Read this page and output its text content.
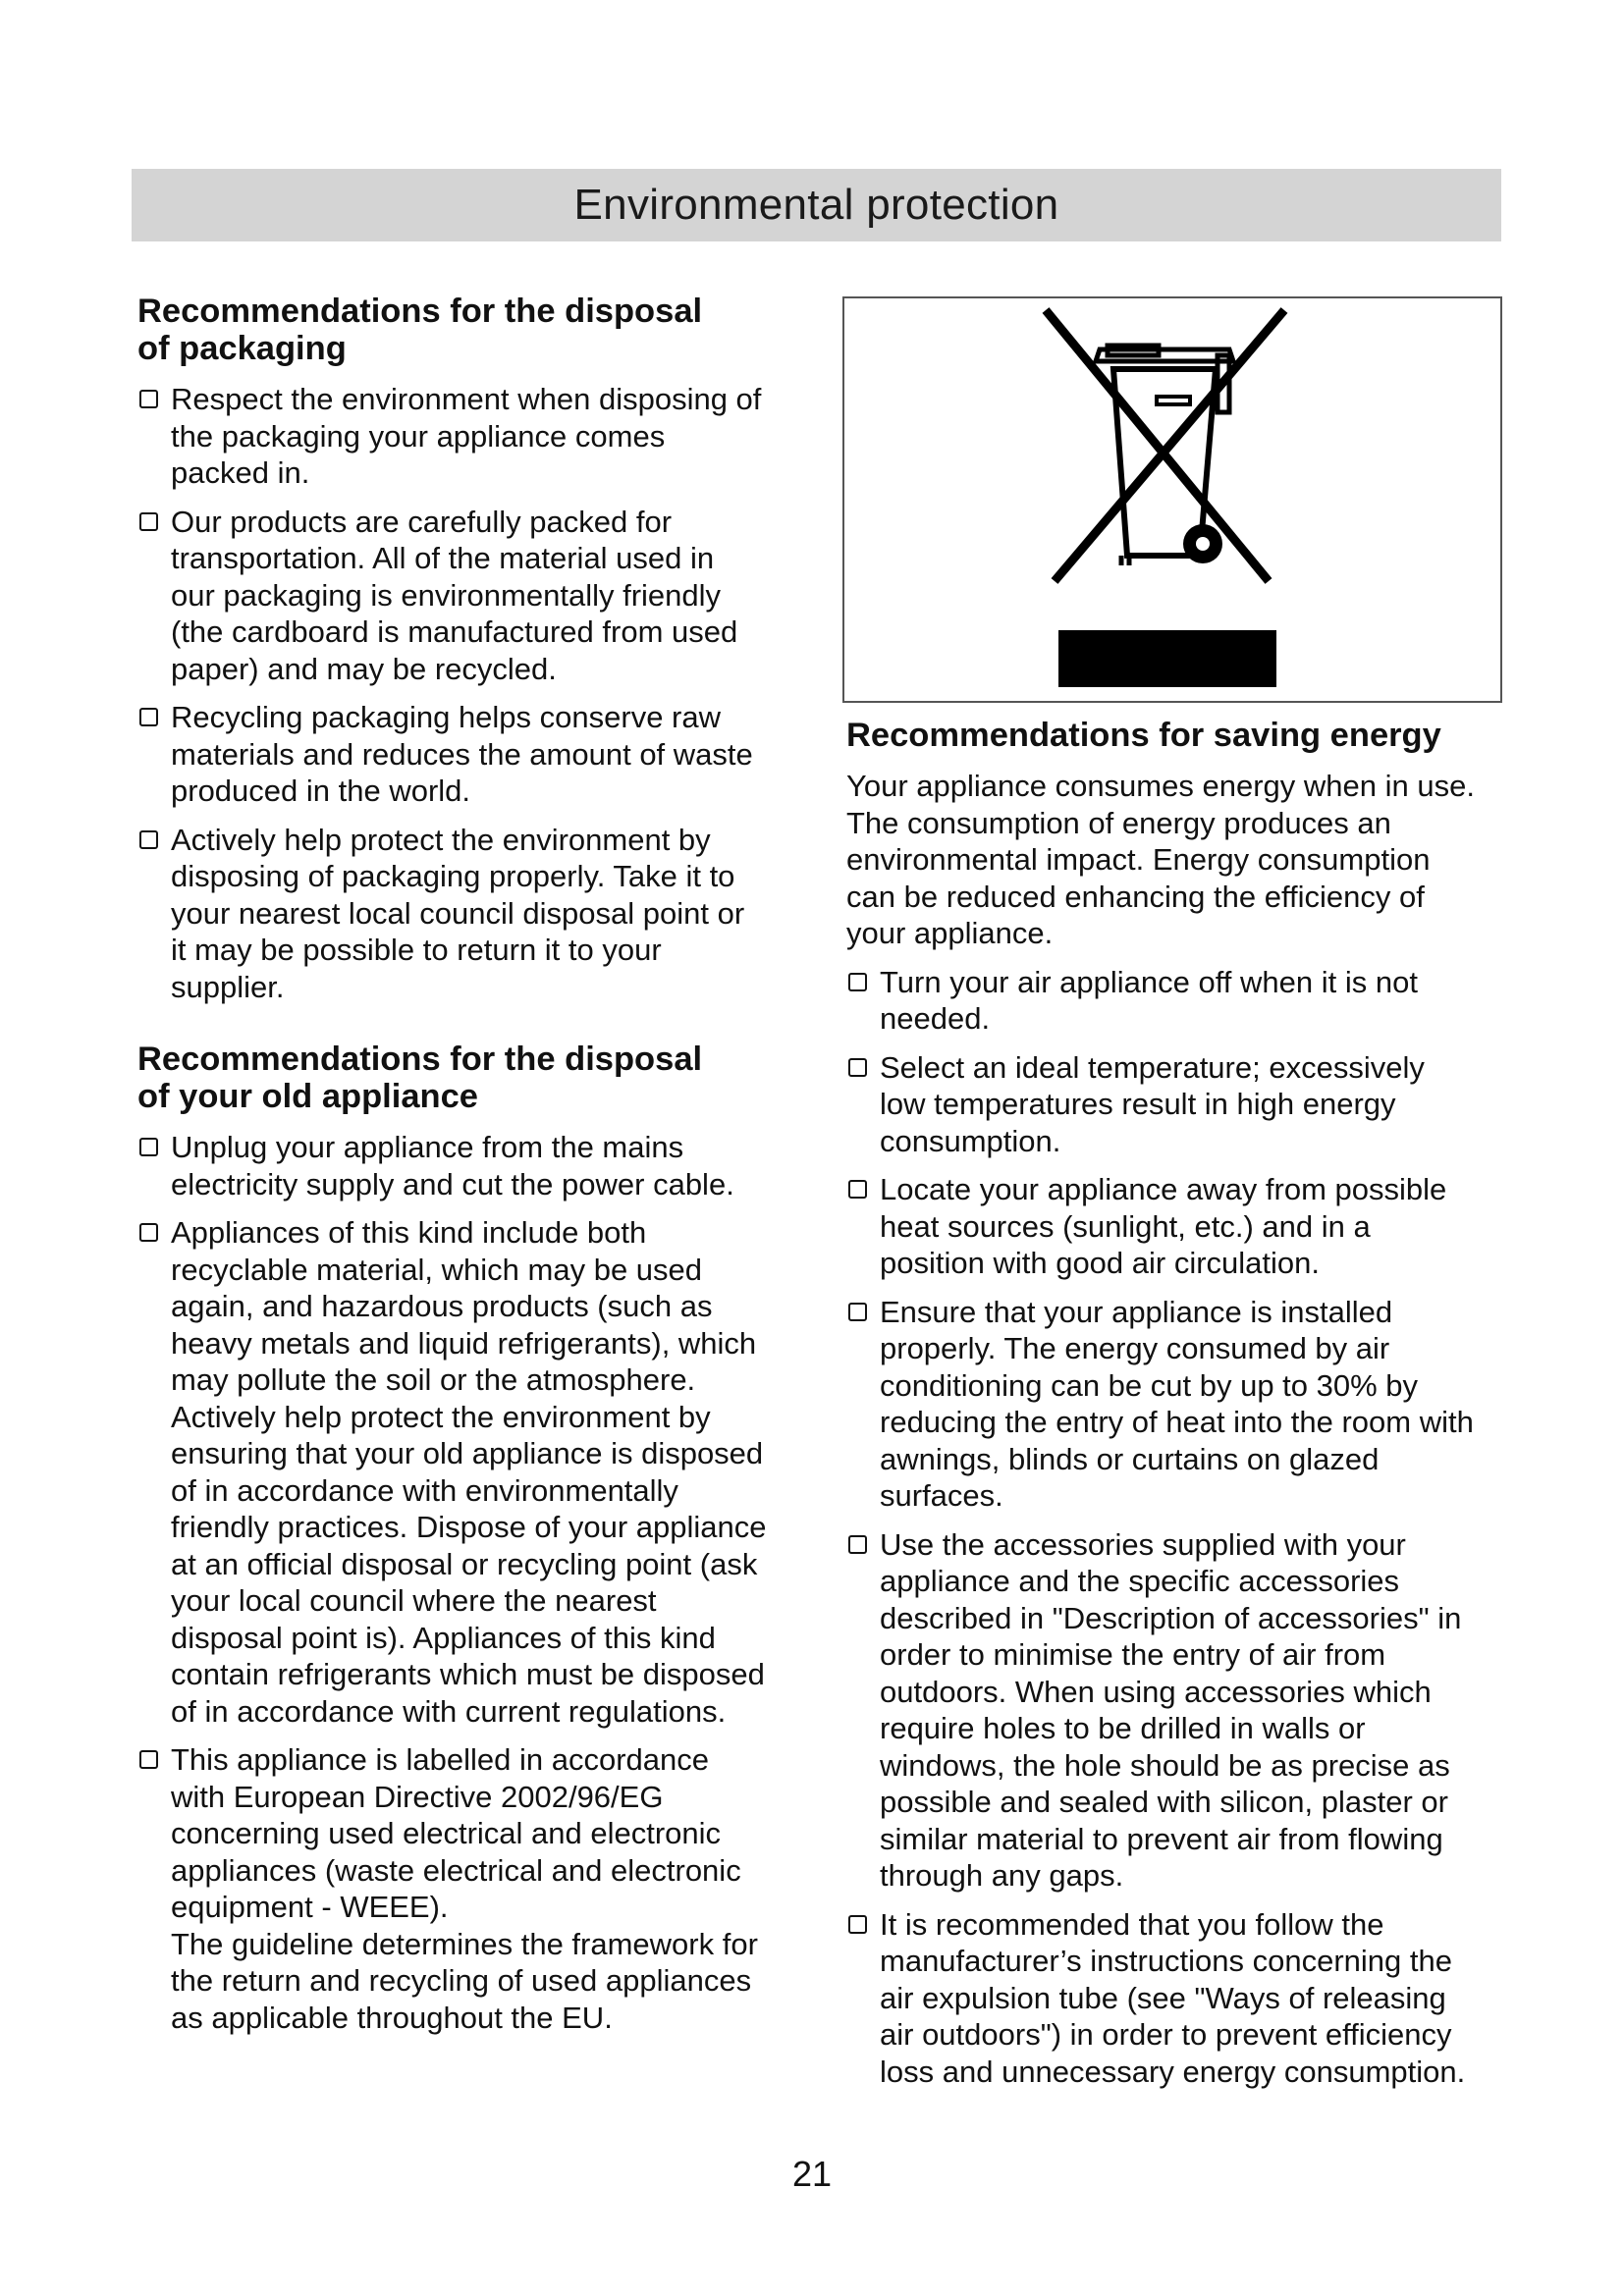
Environmental protection
Recommendations for the disposal
of packaging
Respect the environment when disposing of
the packaging your appliance comes
packed in.
Our products are carefully packed for
transportation. All of the material used in
our packaging is environmentally friendly
(the cardboard is manufactured from used
paper) and may be recycled.
Recycling packaging helps conserve raw
materials and reduces the amount of waste
produced in the world.
Actively help protect the environment by
disposing of packaging properly. Take it to
your nearest local council disposal point or
it may be possible to return it to your
supplier.
Recommendations for the disposal
of your old appliance
Unplug your appliance from the mains
electricity supply and cut the power cable.
Appliances of this kind include both
recyclable material, which may be used
again, and hazardous products (such as
heavy metals and liquid refrigerants), which
may pollute the soil or the atmosphere.
Actively help protect the environment by
ensuring that your old appliance is disposed
of in accordance with environmentally
friendly practices. Dispose of your appliance
at an official disposal or recycling point (ask
your local council where the nearest
disposal point is). Appliances of this kind
contain refrigerants which must be disposed
of in accordance with current regulations.
This appliance is labelled in accordance
with European Directive 2002/96/EG
concerning used electrical and electronic
appliances (waste electrical and electronic
equipment - WEEE).
The guideline determines the framework for
the return and recycling of used appliances
as applicable throughout the EU.
Recommendations for saving energy

Your appliance consumes energy when in use.
The consumption of energy produces an
environmental impact. Energy consumption
can be reduced enhancing the efficiency of
your appliance.

Turn your air appliance off when it is not
needed.
Select an ideal temperature; excessively
low temperatures result in high energy
consumption.
Locate your appliance away from possible
heat sources (sunlight, etc.) and in a
position with good air circulation.
Ensure that your appliance is installed
properly. The energy consumed by air
conditioning can be cut by up to 30% by
reducing the entry of heat into the room with
awnings, blinds or curtains on glazed
surfaces.
Use the accessories supplied with your
appliance and the specific accessories
described in "Description of accessories" in
order to minimise the entry of air from
outdoors. When using accessories which
require holes to be drilled in walls or
windows, the hole should be as precise as
possible and sealed with silicon, plaster or
similar material to prevent air from flowing
through any gaps.
It is recommended that you follow the
manufacturer’s instructions concerning the
air expulsion tube (see "Ways of releasing
air outdoors") in order to prevent efficiency
loss and unnecessary energy consumption.
21
